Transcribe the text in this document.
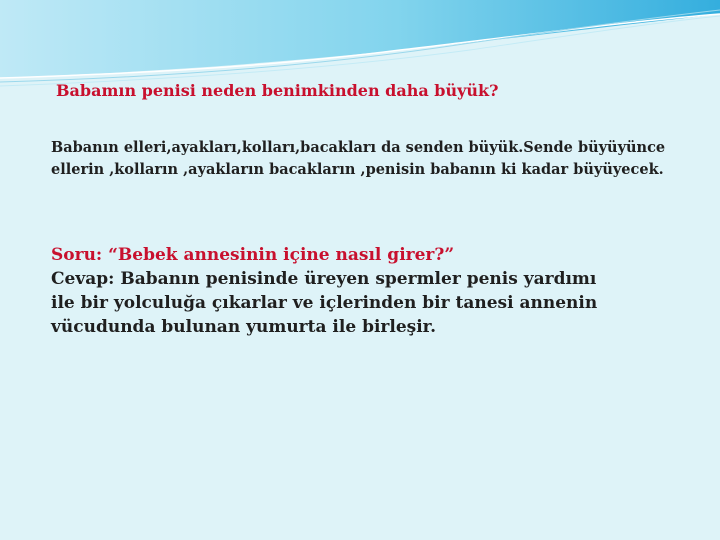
Babamın penisi neden benimkinden daha büyük?
Babanın elleri,ayakları,kolları,bacakları da senden büyük.Sende büyüyünce
ellerin ,kolların ,ayakların bacakların ,penisin babanın ki kadar büyüyecek.
Soru: “Bebek annesinin içine nasıl girer?”
Cevap: Babanın penisinde üreyen spermler penis yardımı
ile bir yolculuğa çıkarlar ve içlerinden bir tanesi annenin
vücudunda bulunan yumurta ile birleşir.
